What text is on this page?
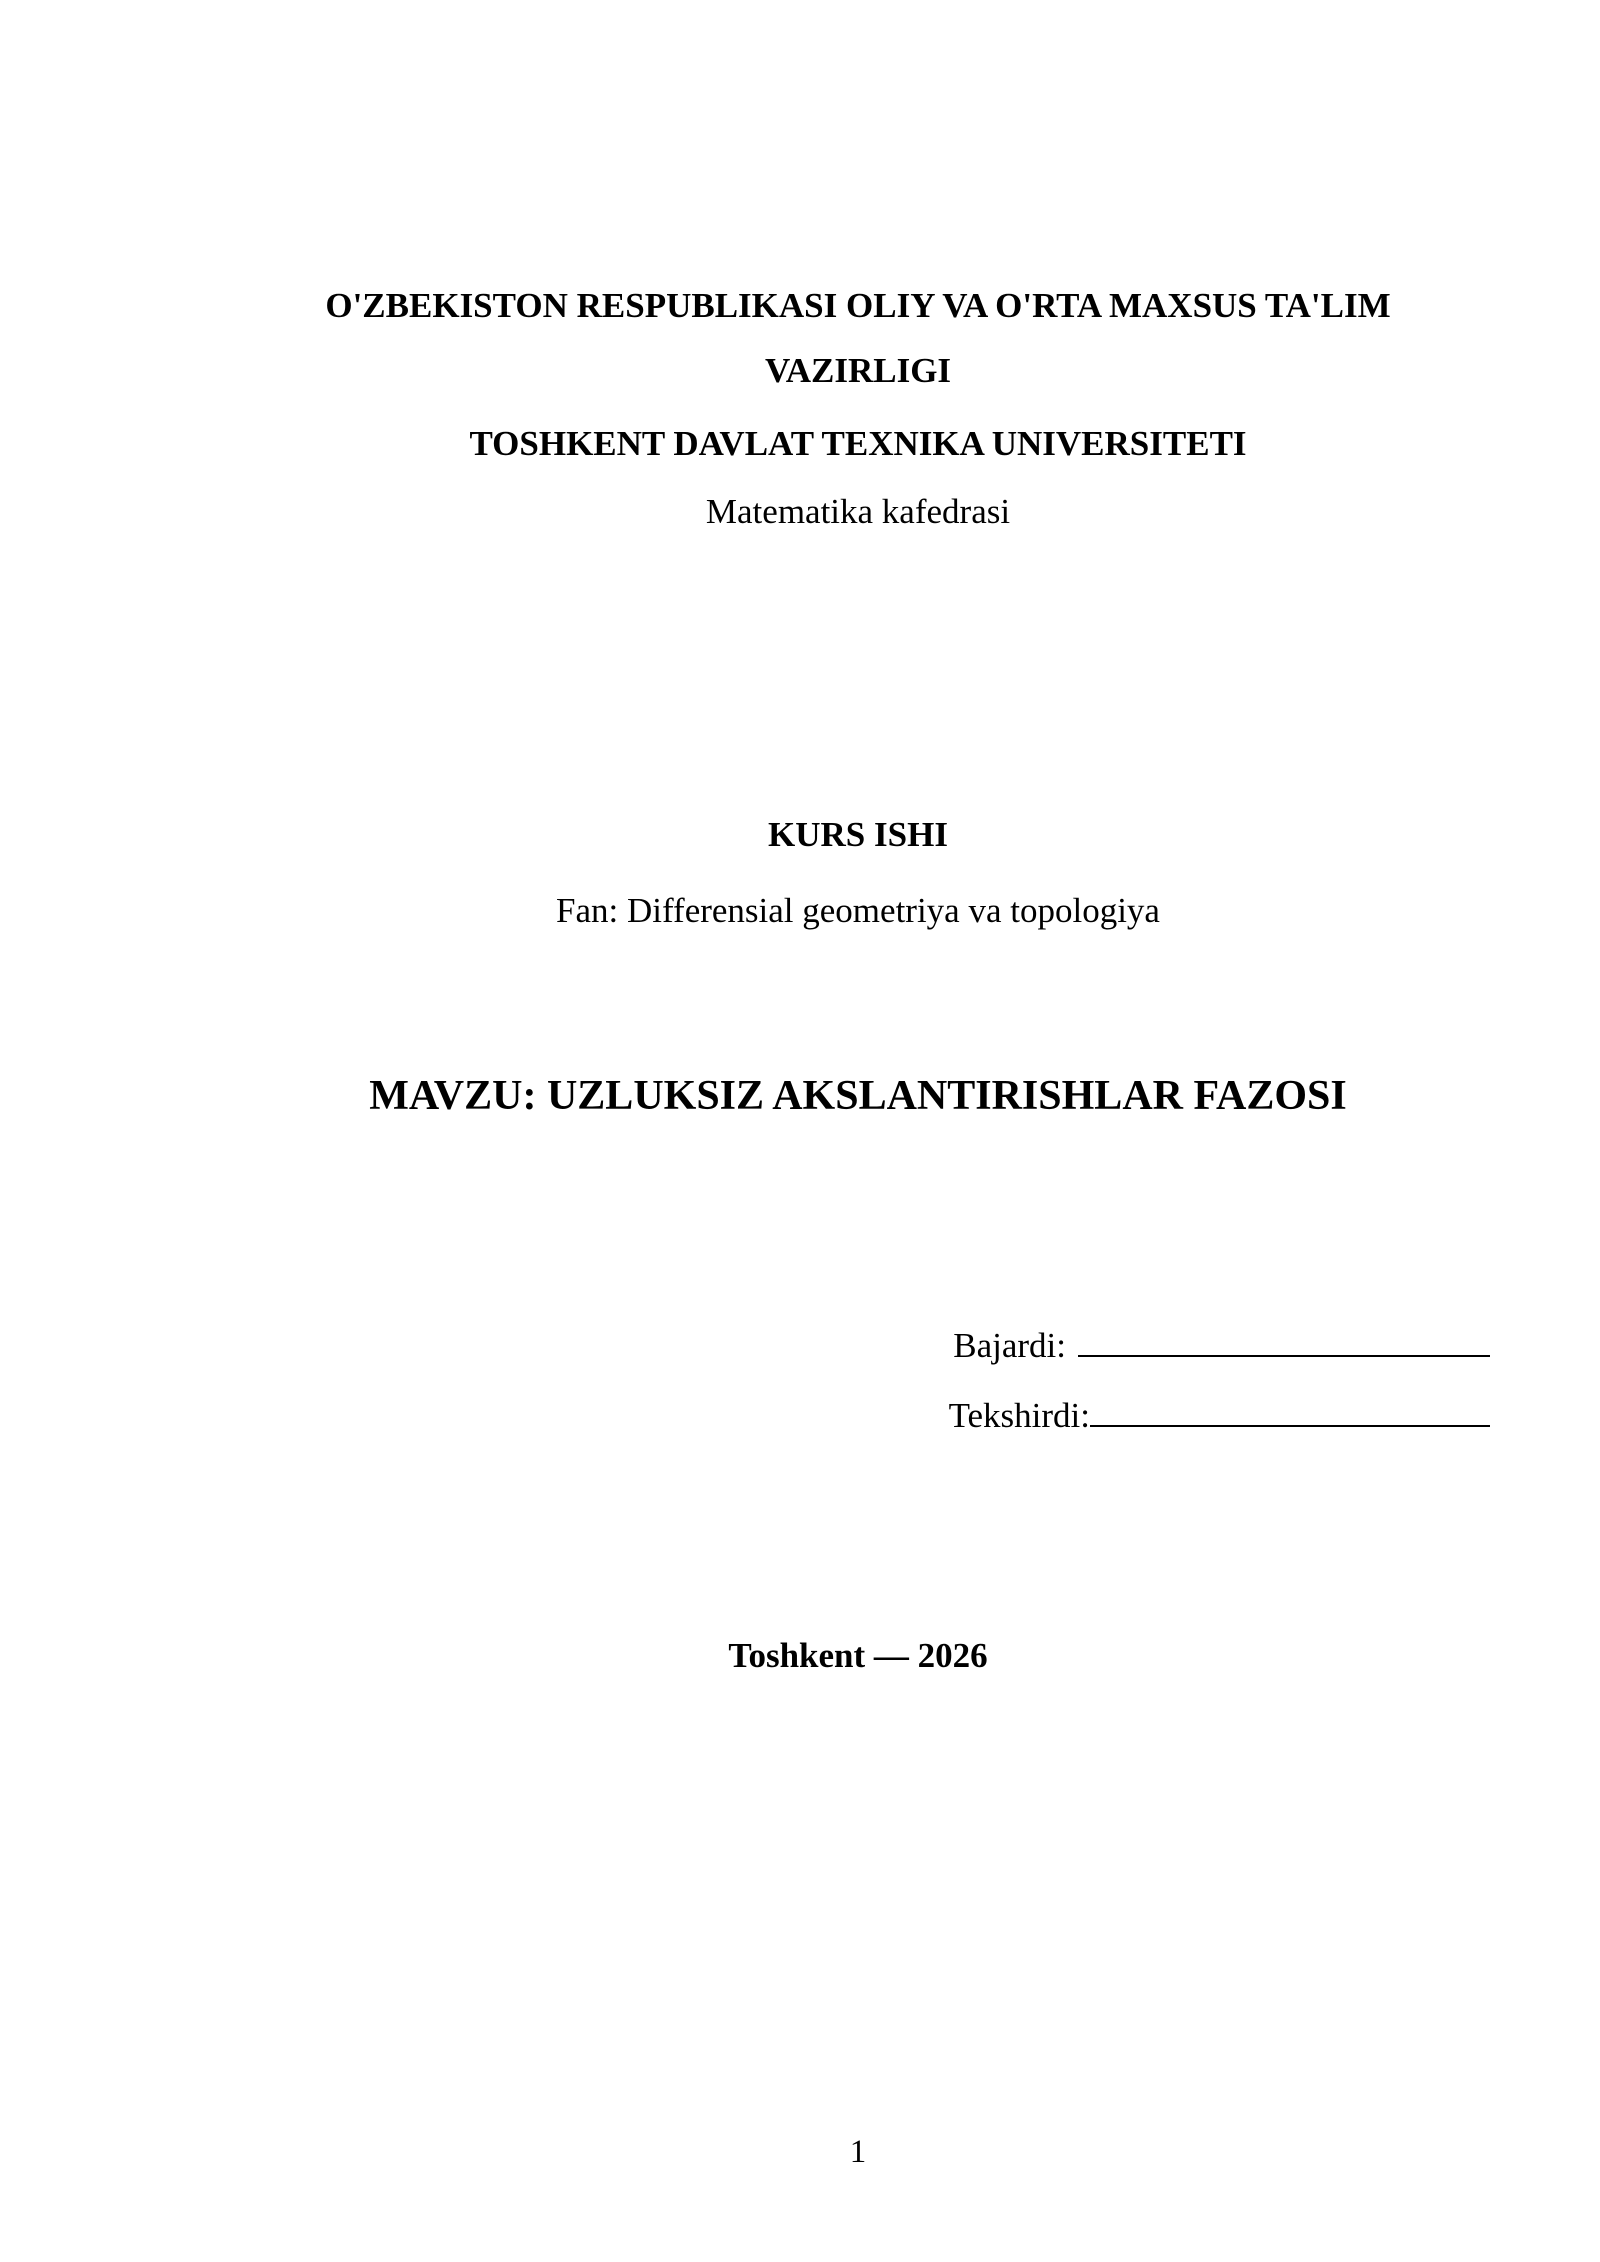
O'ZBEKISTON RESPUBLIKASI OLIY VA O'RTA MAXSUS TA'LIM
VAZIRLIGI
TOSHKENT DAVLAT TEXNIKA UNIVERSITETI
Matematika kafedrasi
KURS ISHI
Fan: Differensial geometriya va topologiya
MAVZU: UZLUKSIZ AKSLANTIRISHLAR FAZOSI
Bajardi:
Tekshirdi:
Toshkent — 2026
1
